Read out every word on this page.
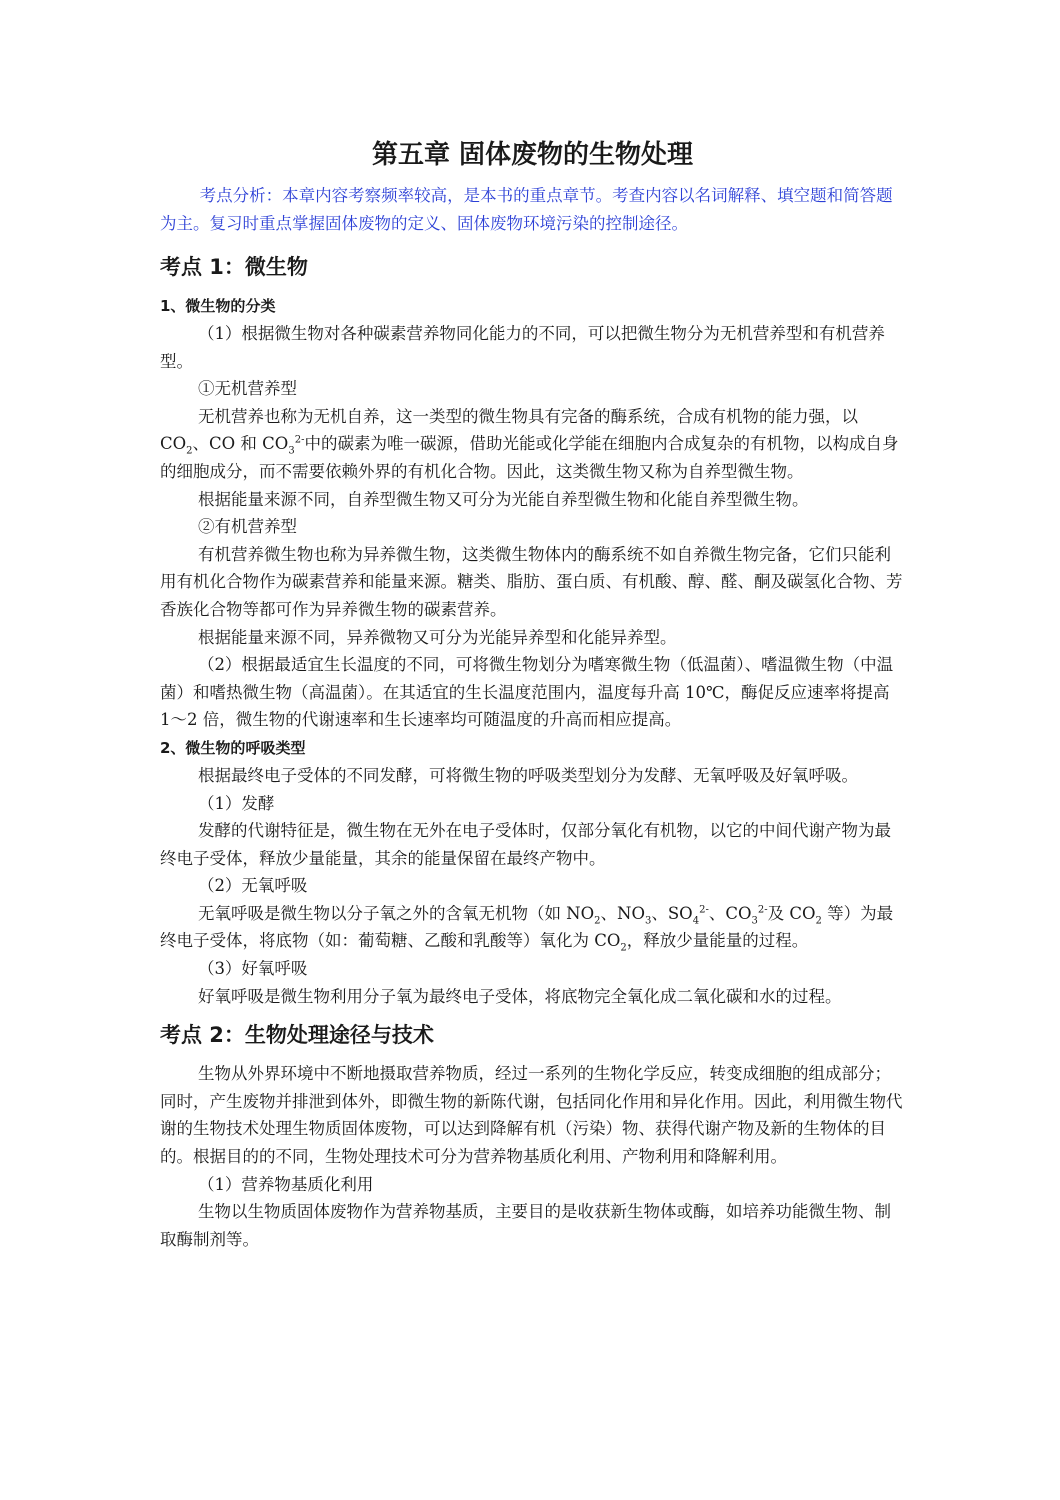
第五章 固体废物的生物处理

考点分析：本章内容考察频率较高，是本书的重点章节。考查内容以名词解释、填空题和简答题为主。复习时重点掌握固体废物的定义、固体废物环境污染的控制途径。

考点 1：微生物
1、微生物的分类

（1）根据微生物对各种碳素营养物同化能力的不同，可以把微生物分为无机营养型和有机营养型。

①无机营养型

无机营养也称为无机自养，这一类型的微生物具有完备的酶系统，合成有机物的能力强，以 $CO_2$、CO 和 $CO_3^{2-}$中的碳素为唯一碳源，借助光能或化学能在细胞内合成复杂的有机物，以构成自身的细胞成分，而不需要依赖外界的有机化合物。因此，这类微生物又称为自养型微生物。

根据能量来源不同，自养型微生物又可分为光能自养型微生物和化能自养型微生物。

②有机营养型

有机营养微生物也称为异养微生物，这类微生物体内的酶系统不如自养微生物完备，它们只能利用有机化合物作为碳素营养和能量来源。糖类、脂肪、蛋白质、有机酸、醇、醛、酮及碳氢化合物、芳香族化合物等都可作为异养微生物的碳素营养。

根据能量来源不同，异养微物又可分为光能异养型和化能异养型。

（2）根据最适宜生长温度的不同，可将微生物划分为嗜寒微生物（低温菌）、嗜温微生物（中温菌）和嗜热微生物（高温菌）。在其适宜的生长温度范围内，温度每升高 10℃，酶促反应速率将提高 1～2 倍，微生物的代谢速率和生长速率均可随温度的升高而相应提高。

2、微生物的呼吸类型

根据最终电子受体的不同发酵，可将微生物的呼吸类型划分为发酵、无氧呼吸及好氧呼吸。

（1）发酵

发酵的代谢特征是，微生物在无外在电子受体时，仅部分氧化有机物，以它的中间代谢产物为最终电子受体，释放少量能量，其余的能量保留在最终产物中。

（2）无氧呼吸

无氧呼吸是微生物以分子氧之外的含氧无机物（如 $NO_2$、$NO_3$、$SO_4^{2-}$、$CO_3^{2-}$及 $CO_2$ 等）为最终电子受体，将底物（如：葡萄糖、乙酸和乳酸等）氧化为 $CO_2$，释放少量能量的过程。

（3）好氧呼吸

好氧呼吸是微生物利用分子氧为最终电子受体，将底物完全氧化成二氧化碳和水的过程。

考点 2：生物处理途径与技术

生物从外界环境中不断地摄取营养物质，经过一系列的生物化学反应，转变成细胞的组成部分；同时，产生废物并排泄到体外，即微生物的新陈代谢，包括同化作用和异化作用。因此，利用微生物代谢的生物技术处理生物质固体废物，可以达到降解有机（污染）物、获得代谢产物及新的生物体的目的。根据目的的不同，生物处理技术可分为营养物基质化利用、产物利用和降解利用。

（1）营养物基质化利用

生物以生物质固体废物作为营养物基质，主要目的是收获新生物体或酶，如培养功能微生物、制取酶制剂等。
